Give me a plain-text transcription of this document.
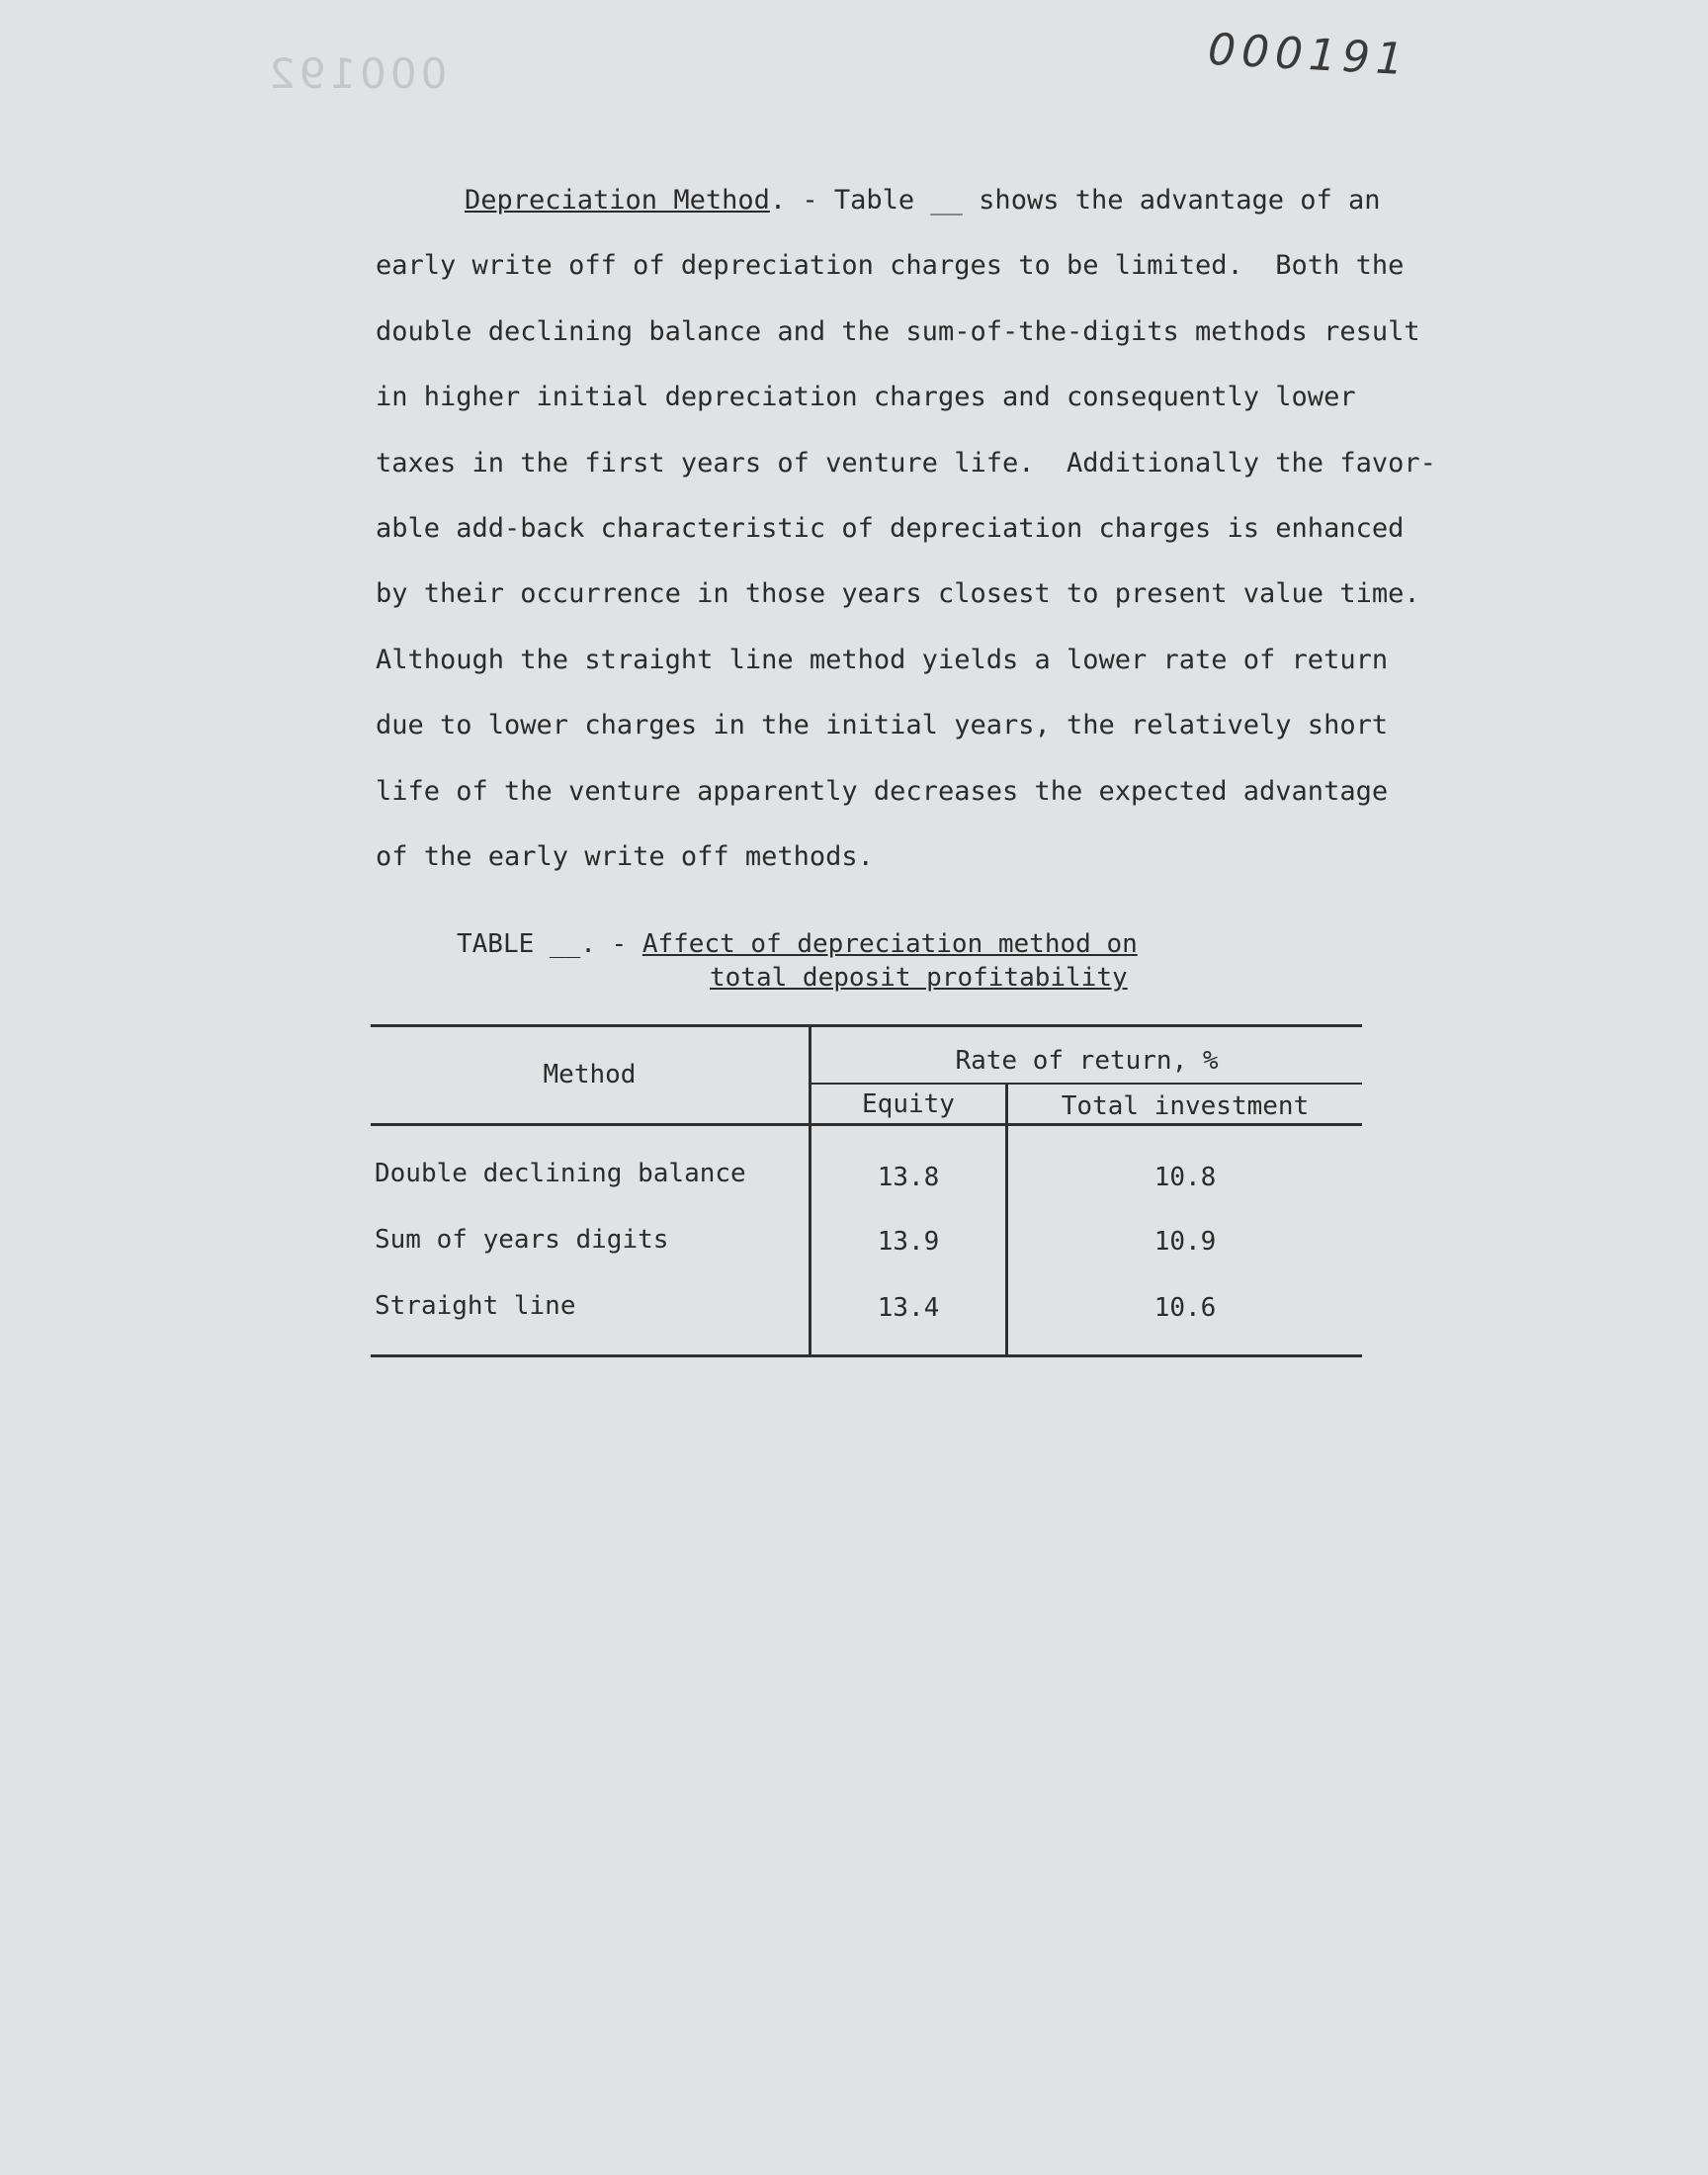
000192	000191
Depreciation Method. - Table __ shows the advantage of an
early write off of depreciation charges to be limited.  Both the
double declining balance and the sum-of-the-digits methods result
in higher initial depreciation charges and consequently lower
taxes in the first years of venture life.  Additionally the favor-
able add-back characteristic of depreciation charges is enhanced
by their occurrence in those years closest to present value time.
Although the straight line method yields a lower rate of return
due to lower charges in the initial years, the relatively short
life of the venture apparently decreases the expected advantage
of the early write off methods.
TABLE __. - Affect of depreciation method on
total deposit profitability
Method	Rate of return, %
Equity	Total investment
Double declining balance	13.8	10.8
Sum of years digits	13.9	10.9
Straight line	13.4	10.6
